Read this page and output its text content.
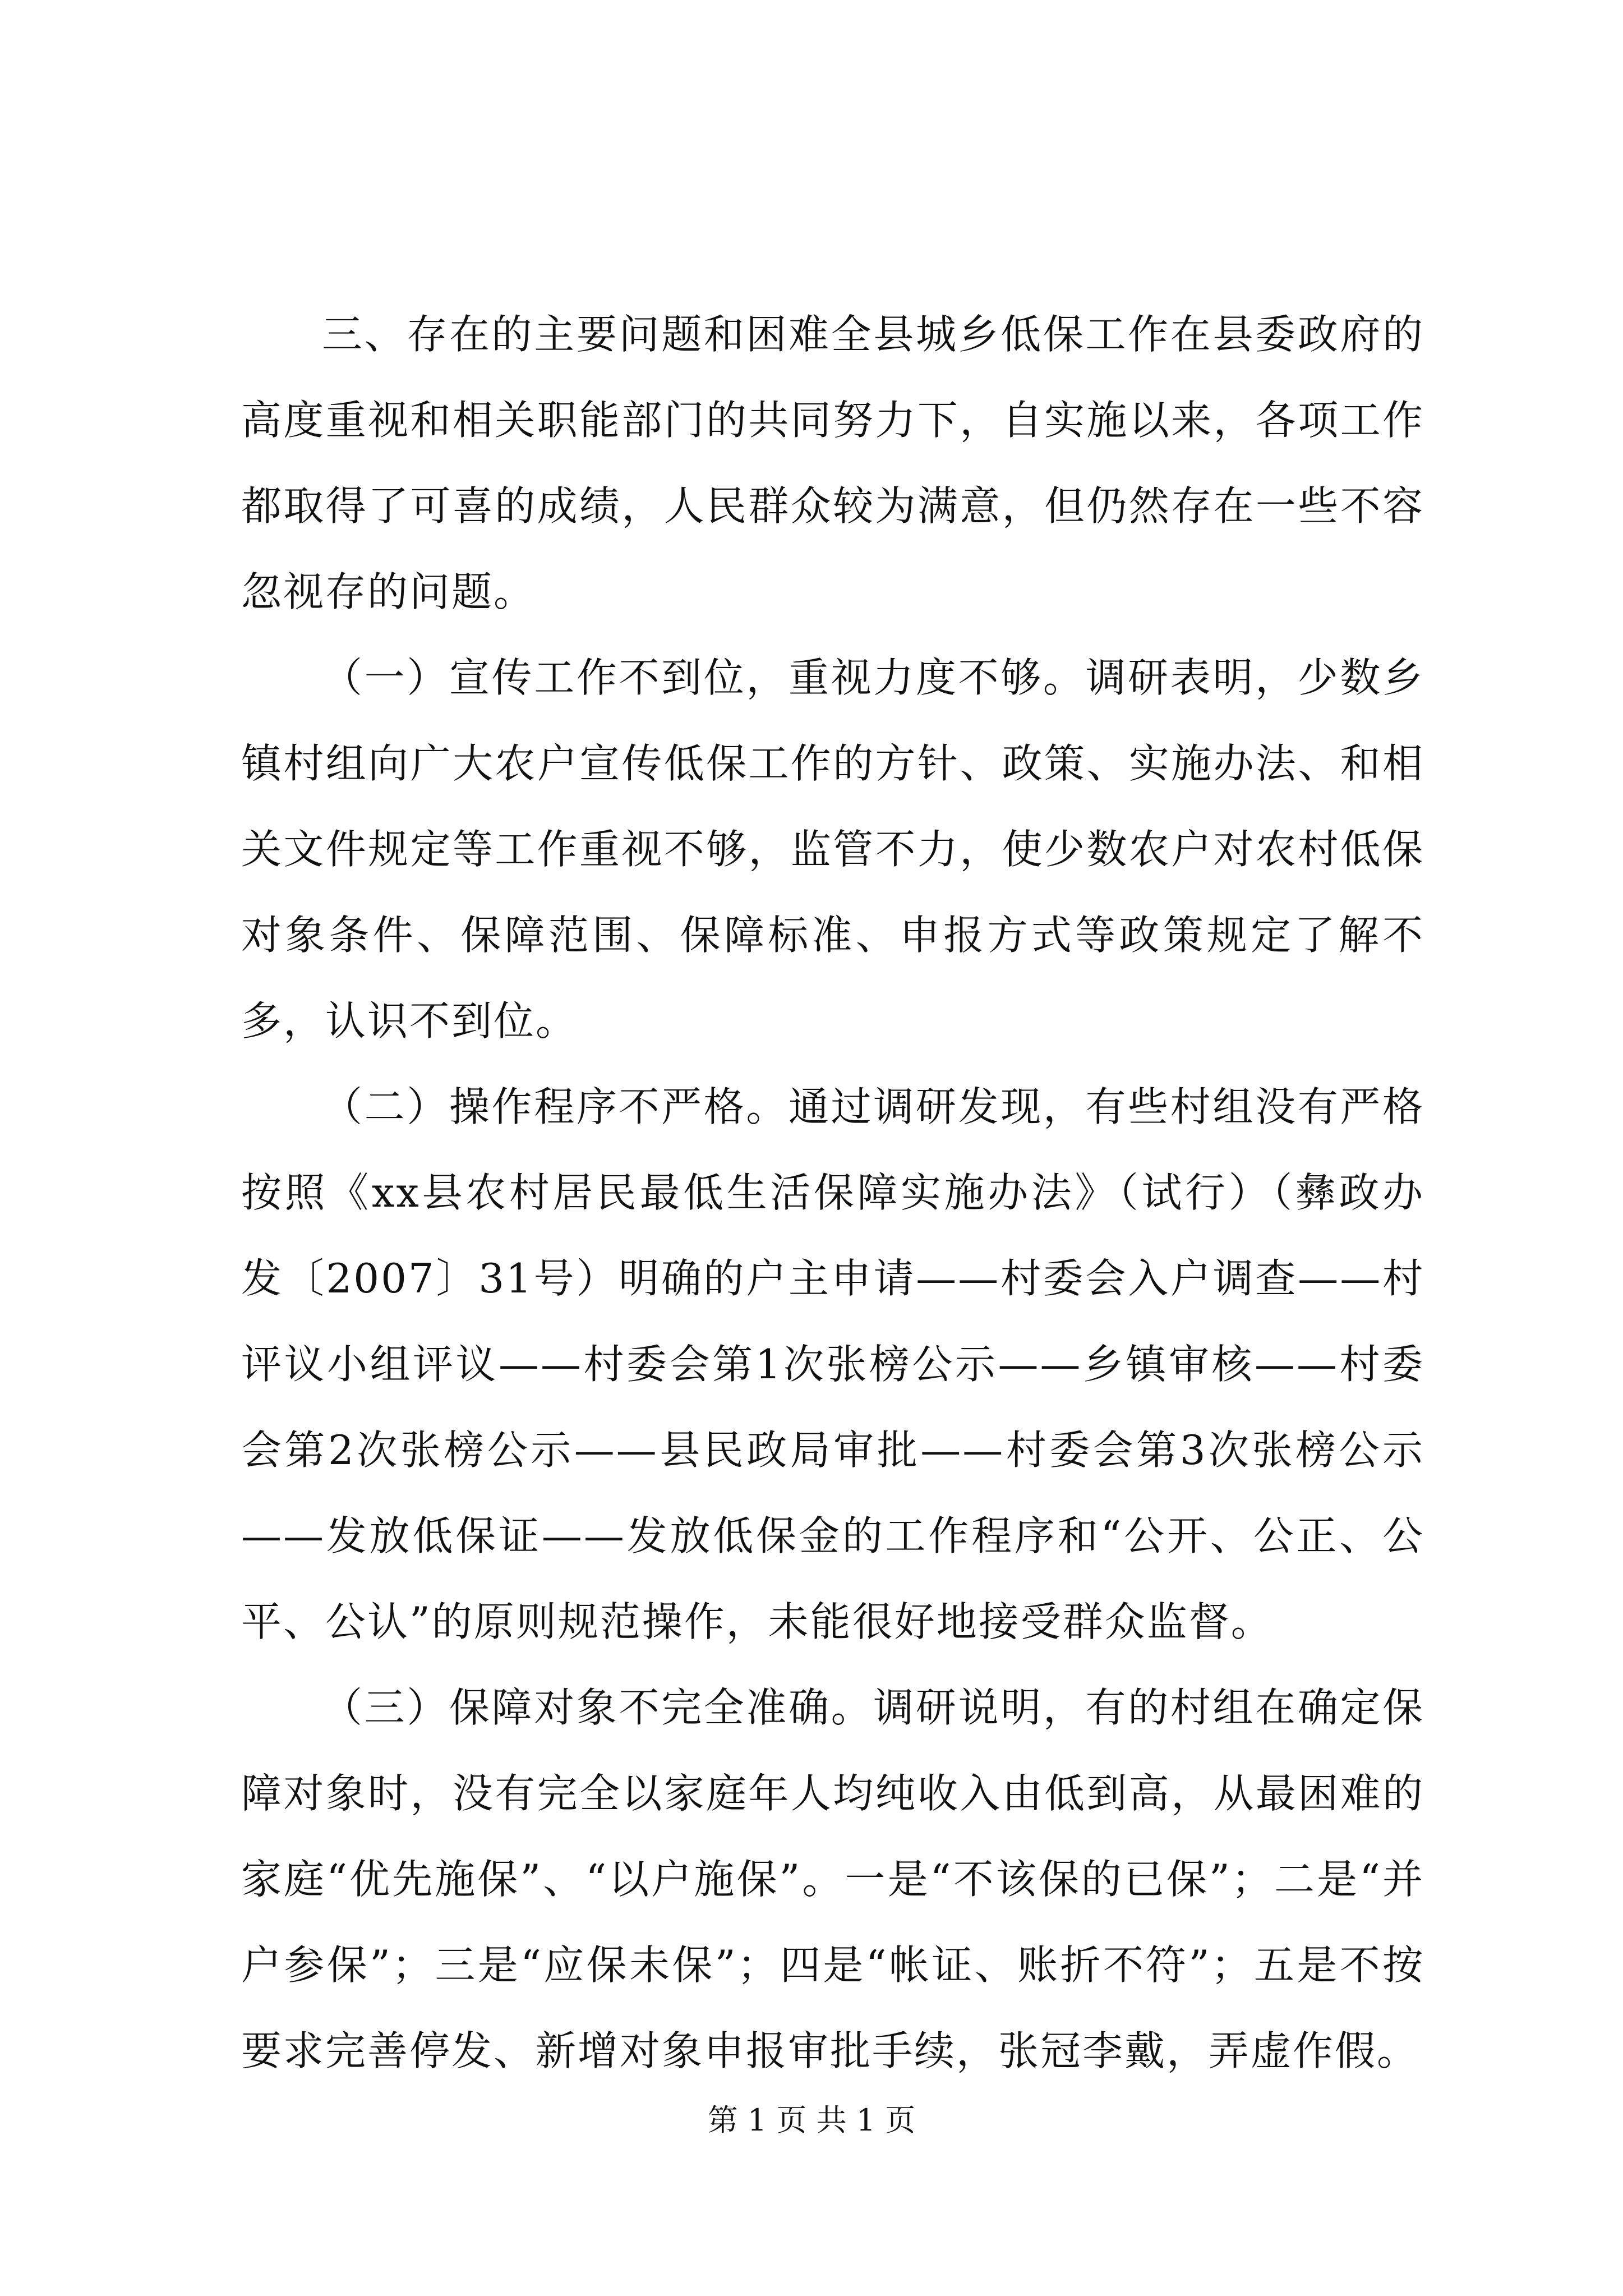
三、存在的主要问题和困难全县城乡低保工作在县委政府的高度重视和相关职能部门的共同努力下，自实施以来，各项工作都取得了可喜的成绩，人民群众较为满意，但仍然存在一些不容忽视存的问题。

（一）宣传工作不到位，重视力度不够。调研表明，少数乡镇村组向广大农户宣传低保工作的方针、政策、实施办法、和相关文件规定等工作重视不够，监管不力，使少数农户对农村低保对象条件、保障范围、保障标准、申报方式等政策规定了解不多，认识不到位。

（二）操作程序不严格。通过调研发现，有些村组没有严格按照《xx县农村居民最低生活保障实施办法》（试行）（彝政办发〔2007〕31号）明确的户主申请——村委会入户调查——村评议小组评议——村委会第1次张榜公示——乡镇审核——村委会第2次张榜公示——县民政局审批——村委会第3次张榜公示——发放低保证——发放低保金的工作程序和“公开、公正、公平、公认”的原则规范操作，未能很好地接受群众监督。

（三）保障对象不完全准确。调研说明，有的村组在确定保障对象时，没有完全以家庭年人均纯收入由低到高，从最困难的家庭“优先施保”、“以户施保”。一是“不该保的已保”；二是“并户参保”；三是“应保未保”；四是“帐证、账折不符”；五是不按要求完善停发、新增对象申报审批手续，张冠李戴，弄虚作假。

第 1 页 共 1 页
